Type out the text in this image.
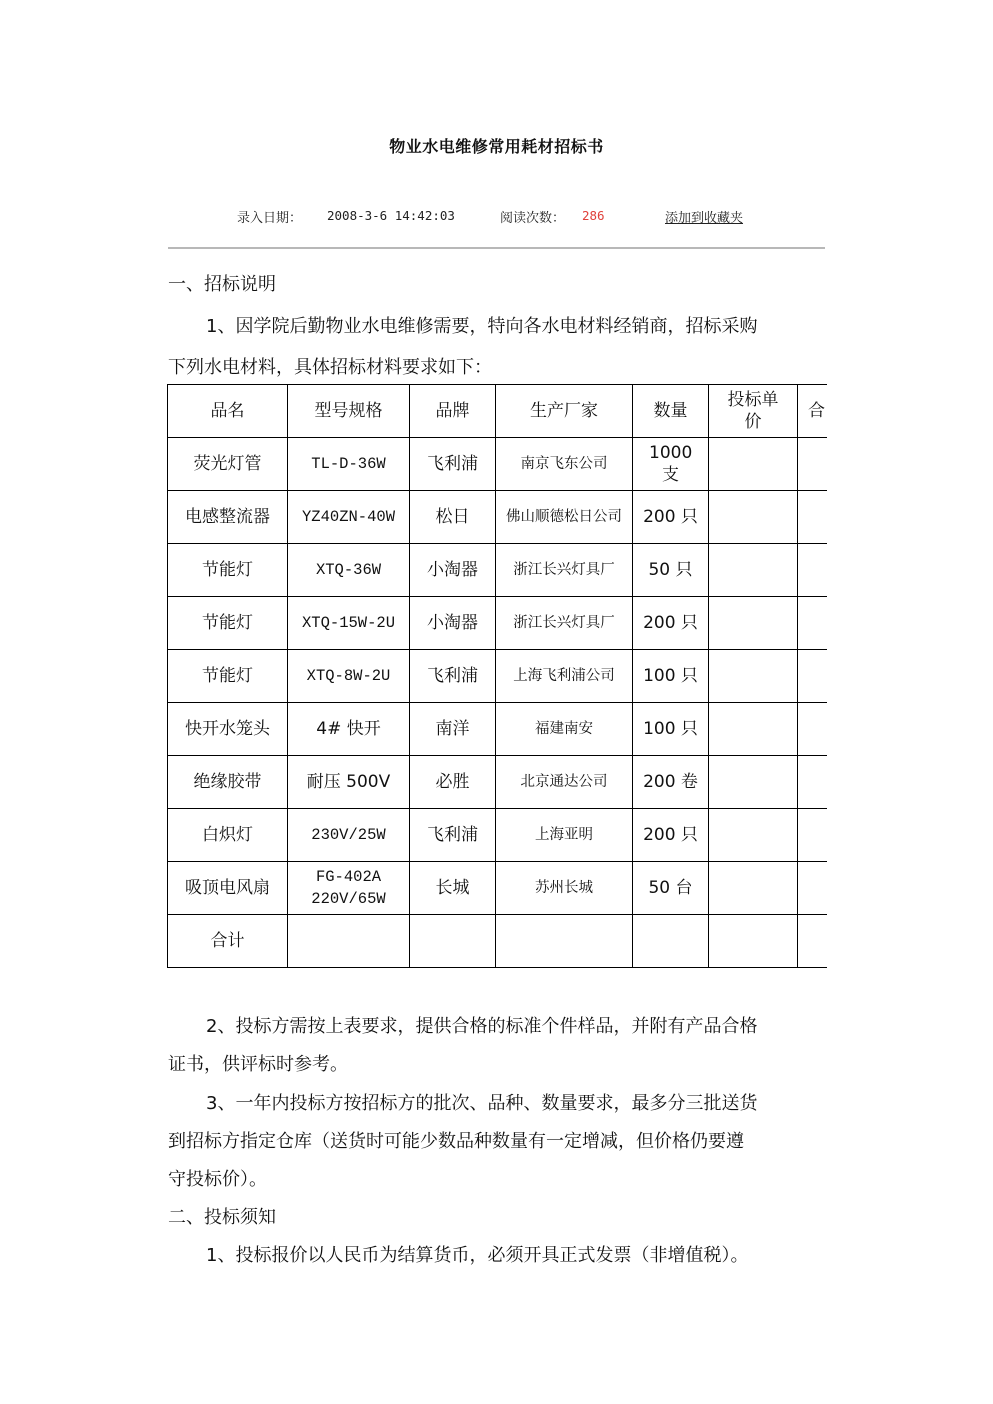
物业水电维修常用耗材招标书
录入日期： 2008-3-6 14:42:03	阅读次数： 286	添加到收藏夹
一、招标说明
1、因学院后勤物业水电维修需要，特向各水电材料经销商，招标采购
下列水电材料，具体招标材料要求如下：
品名	型号规格	品牌	生产厂家	数量	投标单价	合
荧光灯管	TL-D-36W	飞利浦	南京飞东公司	1000支		
电感整流器	YZ40ZN-40W	松日	佛山顺德松日公司	200 只		
节能灯	XTQ-36W	小淘器	浙江长兴灯具厂	50 只		
节能灯	XTQ-15W-2U	小淘器	浙江长兴灯具厂	200 只		
节能灯	XTQ-8W-2U	飞利浦	上海飞利浦公司	100 只		
快开水笼头	4# 快开	南洋	福建南安	100 只		
绝缘胶带	耐压 500V	必胜	北京通达公司	200 卷		
白炽灯	230V/25W	飞利浦	上海亚明	200 只		
吸顶电风扇	FG-402A 220V/65W	长城	苏州长城	50 台		
合计						
2、投标方需按上表要求，提供合格的标准个件样品，并附有产品合格
证书，供评标时参考。
3、一年内投标方按招标方的批次、品种、数量要求，最多分三批送货
到招标方指定仓库（送货时可能少数品种数量有一定增减，但价格仍要遵
守投标价）。
二、投标须知
1、投标报价以人民币为结算货币，必须开具正式发票（非增值税）。
